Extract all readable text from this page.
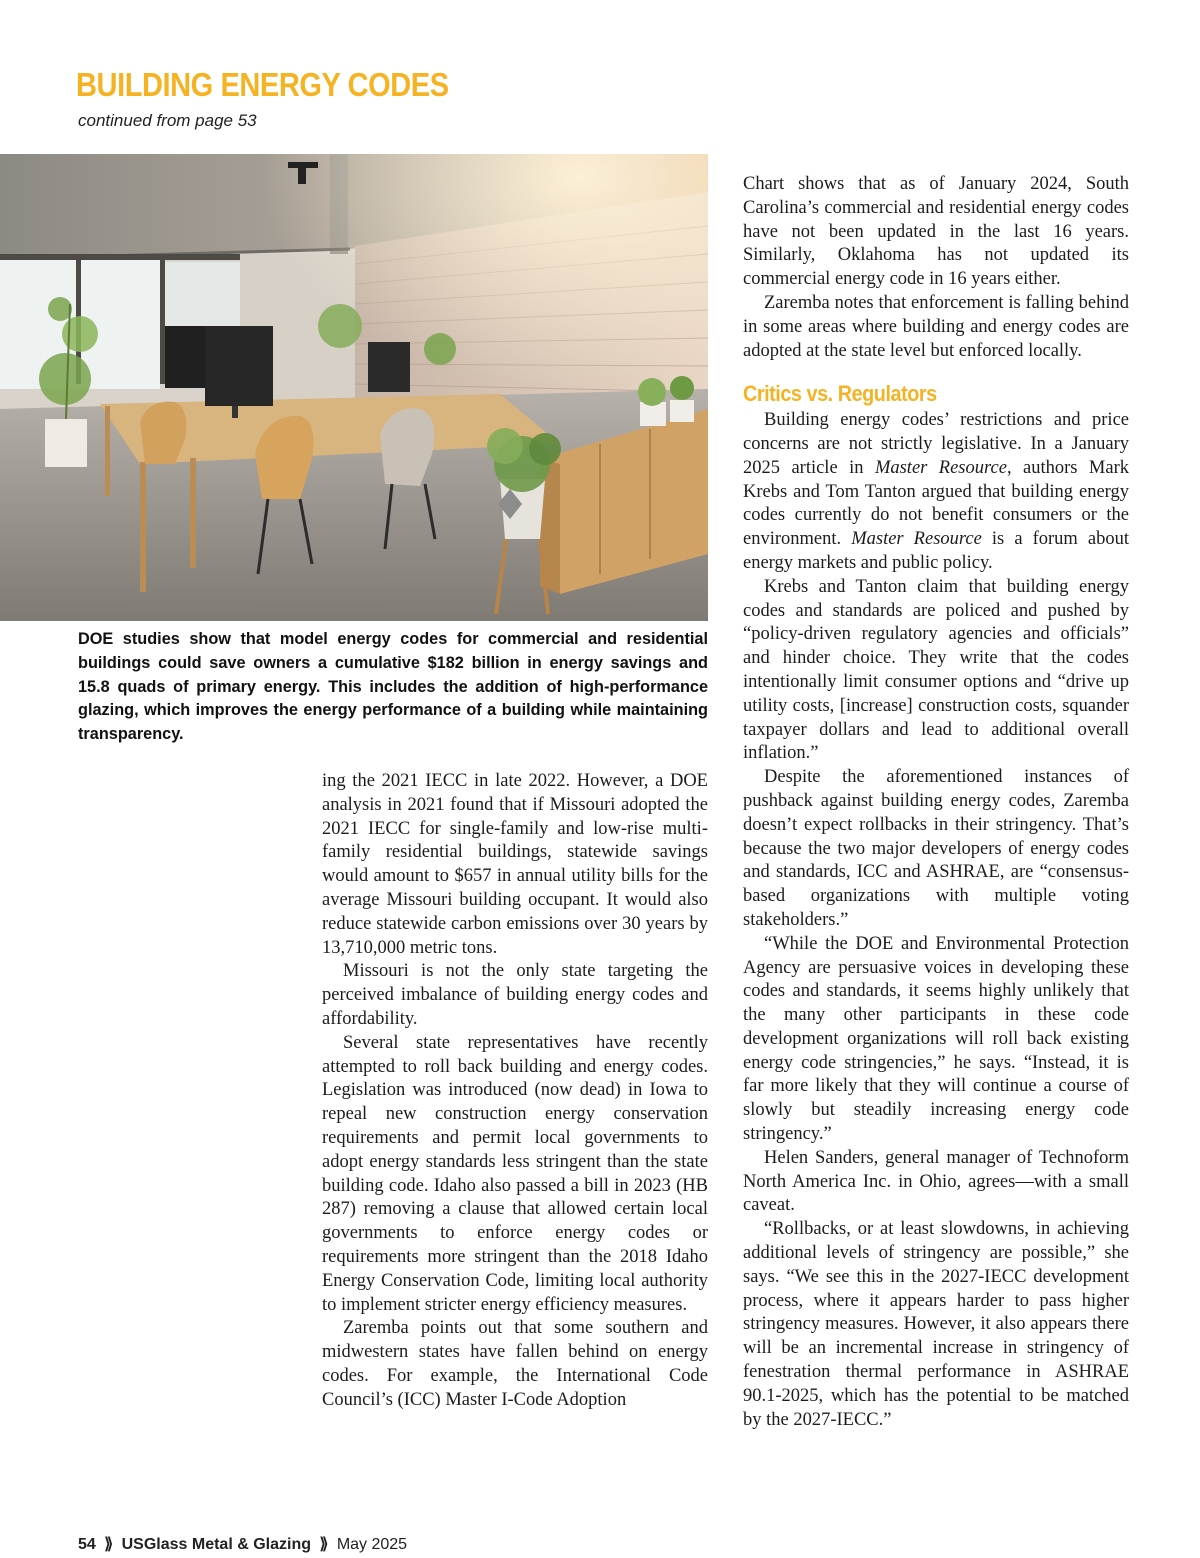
BUILDING ENERGY CODES
continued from page 53
DOE studies show that model energy codes for commercial and residential buildings could save owners a cumulative $182 billion in energy savings and 15.8 quads of primary energy. This includes the addition of high-performance glazing, which improves the energy performance of a building while maintaining transparency.

ing the 2021 IECC in late 2022. However, a DOE analysis in 2021 found that if Missouri adopted the 2021 IECC for single-family and low-rise multi-family residential buildings, statewide savings would amount to $657 in annual utility bills for the average Missouri building occupant. It would also reduce statewide carbon emissions over 30 years by 13,710,000 metric tons.

Missouri is not the only state targeting the perceived imbalance of building energy codes and affordability.

Several state representatives have recently attempted to roll back building and energy codes. Legislation was introduced (now dead) in Iowa to repeal new construction energy conservation requirements and permit local governments to adopt energy standards less stringent than the state building code. Idaho also passed a bill in 2023 (HB 287) removing a clause that allowed certain local governments to enforce energy codes or requirements more stringent than the 2018 Idaho Energy Conservation Code, limiting local authority to implement stricter energy efficiency measures.

Zaremba points out that some southern and midwestern states have fallen behind on energy codes. For example, the International Code Council’s (ICC) Master I-Code Adoption

Chart shows that as of January 2024, South Carolina’s commercial and residential energy codes have not been updated in the last 16 years. Similarly, Oklahoma has not updated its commercial energy code in 16 years either.

Zaremba notes that enforcement is falling behind in some areas where building and energy codes are adopted at the state level but enforced locally.

Critics vs. Regulators

Building energy codes’ restrictions and price concerns are not strictly legislative. In a January 2025 article in Master Resource, authors Mark Krebs and Tom Tanton argued that building energy codes currently do not benefit consumers or the environment. Master Resource is a forum about energy markets and public policy.

Krebs and Tanton claim that building energy codes and standards are policed and pushed by “policy-driven regulatory agencies and officials” and hinder choice. They write that the codes intentionally limit consumer options and “drive up utility costs, [increase] construction costs, squander taxpayer dollars and lead to additional overall inflation.”

Despite the aforementioned instances of pushback against building energy codes, Zaremba doesn’t expect rollbacks in their stringency. That’s because the two major developers of energy codes and standards, ICC and ASHRAE, are “consensus-based organizations with multiple voting stakeholders.”

“While the DOE and Environmental Protection Agency are persuasive voices in developing these codes and standards, it seems highly unlikely that the many other participants in these code development organizations will roll back existing energy code stringencies,” he says. “Instead, it is far more likely that they will continue a course of slowly but steadily increasing energy code stringency.”

Helen Sanders, general manager of Technoform North America Inc. in Ohio, agrees—with a small caveat.

“Rollbacks, or at least slowdowns, in achieving additional levels of stringency are possible,” she says. “We see this in the 2027-IECC development process, where it appears harder to pass higher stringency measures. However, it also appears there will be an incremental increase in stringency of fenestration thermal performance in ASHRAE 90.1-2025, which has the potential to be matched by the 2027-IECC.”

54 ⟫ USGlass Metal & Glazing ⟫ May 2025
